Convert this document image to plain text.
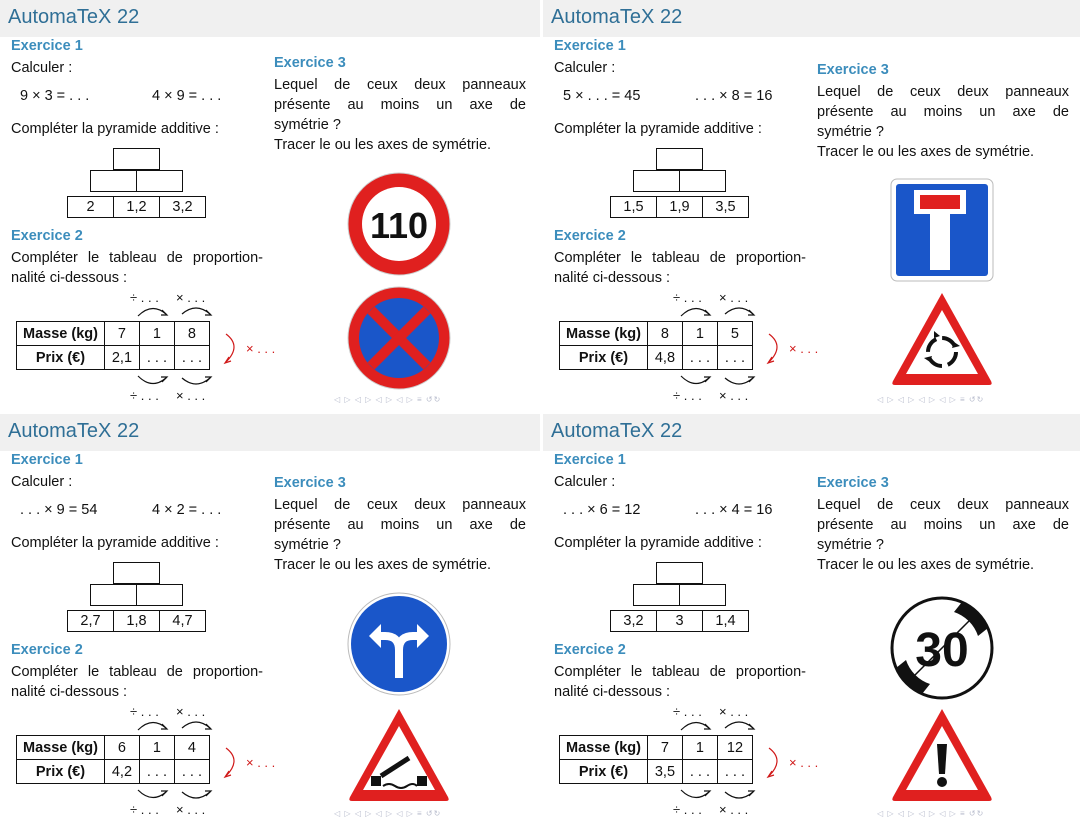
AutomaTeX 22
Exercice 1
Calculer :
9 × 3 = . . .	4 × 9 = . . .
Compléter la pyramide additive :
2	1,2	3,2
Exercice 2
Compléter le tableau de proportion-
nalité ci-dessous :
÷ . . . × . . .
Masse (kg)	7	1	8
Prix (€)	2,1	. . .	. . .
× . . .
÷ . . . × . . .
Exercice 3
Lequel de ceux deux panneaux
présente au moins un axe de
symétrie ?
Tracer le ou les axes de symétrie.
110
◁ ▷ ◁ ▷ ◁ ▷ ◁ ▷ ≡ ↺↻
AutomaTeX 22
Exercice 1
Calculer :
5 × . . . = 45	. . . × 8 = 16
Compléter la pyramide additive :
1,5	1,9	3,5
Exercice 2
Compléter le tableau de proportion-
nalité ci-dessous :
÷ . . . × . . .
Masse (kg)	8	1	5
Prix (€)	4,8	. . .	. . .
× . . .
÷ . . . × . . .
Exercice 3
Lequel de ceux deux panneaux
présente au moins un axe de
symétrie ?
Tracer le ou les axes de symétrie.
◁ ▷ ◁ ▷ ◁ ▷ ◁ ▷ ≡ ↺↻
AutomaTeX 22
Exercice 1
Calculer :
. . . × 9 = 54	4 × 2 = . . .
Compléter la pyramide additive :
2,7	1,8	4,7
Exercice 2
Compléter le tableau de proportion-
nalité ci-dessous :
÷ . . . × . . .
Masse (kg)	6	1	4
Prix (€)	4,2	. . .	. . .
× . . .
÷ . . . × . . .
Exercice 3
Lequel de ceux deux panneaux
présente au moins un axe de
symétrie ?
Tracer le ou les axes de symétrie.
◁ ▷ ◁ ▷ ◁ ▷ ◁ ▷ ≡ ↺↻
AutomaTeX 22
Exercice 1
Calculer :
. . . × 6 = 12	. . . × 4 = 16
Compléter la pyramide additive :
3,2	3	1,4
Exercice 2
Compléter le tableau de proportion-
nalité ci-dessous :
÷ . . . × . . .
Masse (kg)	7	1	12
Prix (€)	3,5	. . .	. . .
× . . .
÷ . . . × . . .
Exercice 3
Lequel de ceux deux panneaux
présente au moins un axe de
symétrie ?
Tracer le ou les axes de symétrie.
30
◁ ▷ ◁ ▷ ◁ ▷ ◁ ▷ ≡ ↺↻
